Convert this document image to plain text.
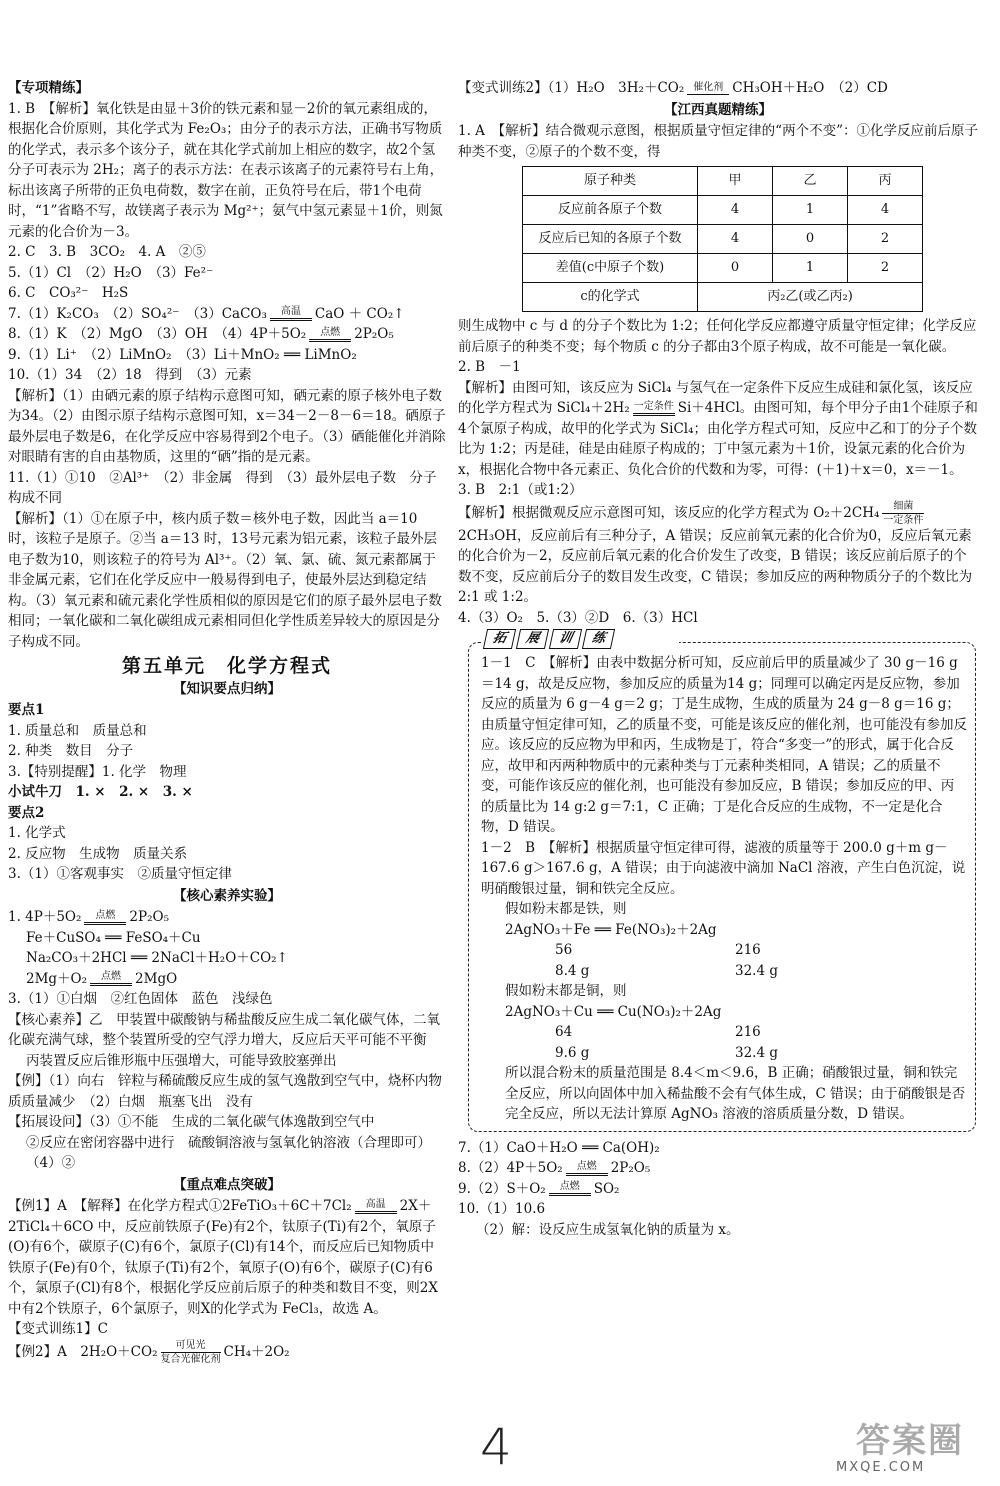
【专项精练】

1. B　【解析】氧化铁是由显＋3价的铁元素和显－2价的氧元素组成的，根据化合价原则，其化学式为 Fe₂O₃；由分子的表示方法，正确书写物质的化学式，表示多个该分子，就在其化学式前加上相应的数字，故2个氢分子可表示为 2H₂；离子的表示方法：在表示该离子的元素符号右上角，标出该离子所带的正负电荷数，数字在前，正负符号在后，带1个电荷时，“1”省略不写，故镁离子表示为 Mg²⁺；氨气中氢元素显＋1价，则氮元素的化合价为－3。

2. C　3. B　3CO₂　4. A　②⑤

5.（1）Cl　（2）H₂O　（3）Fe²⁻

6. C　CO₃²⁻　H₂S

7.（1）K₂CO₃　（2）SO₄²⁻　（3）CaCO₃ 高温 CaO ＋ CO₂↑

8.（1）K　（2）MgO　（3）OH　（4）4P＋5O₂ 点燃 2P₂O₅

9.（1）Li⁺　（2）LiMnO₂　（3）Li＋MnO₂ ══ LiMnO₂

10.（1）34　（2）18　得到　（3）元素

【解析】（1）由硒元素的原子结构示意图可知，硒元素的原子核外电子数为34。（2）由图示原子结构示意图可知，x＝34－2－8－6＝18。硒原子最外层电子数是6，在化学反应中容易得到2个电子。（3）硒能催化并消除对眼睛有害的自由基物质，这里的“硒”指的是元素。

11.（1）①10　②Al³⁺　（2）非金属　得到　（3）最外层电子数　分子构成不同

【解析】（1）①在原子中，核内质子数＝核外电子数，因此当 a＝10 时，该粒子是原子。②当 a＝13 时，13号元素为铝元素，该粒子最外层电子数为10，则该粒子的符号为 Al³⁺。（2）氧、氯、硫、氮元素都属于非金属元素，它们在化学反应中一般易得到电子，使最外层达到稳定结构。（3）氧元素和硫元素化学性质相似的原因是它们的原子最外层电子数相同；一氧化碳和二氧化碳组成元素相同但化学性质差异较大的原因是分子构成不同。

第五单元　化学方程式
【知识要点归纳】

要点1

1. 质量总和　质量总和

2. 种类　数目　分子

3.【特别提醒】1. 化学　物理

小试牛刀　1. ×　2. ×　3. ×

要点2

1. 化学式

2. 反应物　生成物　质量关系

3.（1）①客观事实　②质量守恒定律

【核心素养实验】

1. 4P＋5O₂ 点燃 2P₂O₅

Fe＋CuSO₄ ══ FeSO₄＋Cu

Na₂CO₃＋2HCl ══ 2NaCl＋H₂O＋CO₂↑

2Mg＋O₂ 点燃 2MgO

3.（1）①白烟　②红色固体　蓝色　浅绿色

【核心素养】乙　甲装置中碳酸钠与稀盐酸反应生成二氧化碳气体，二氧化碳充满气球，整个装置所受的空气浮力增大，反应后天平可能不平衡

丙装置反应后锥形瓶中压强增大，可能导致胶塞弹出

【例】（1）向右　锌粒与稀硫酸反应生成的氢气逸散到空气中，烧杯内物质质量减少　（2）白烟　瓶塞飞出　没有

【拓展设问】（3）①不能　生成的二氧化碳气体逸散到空气中

②反应在密闭容器中进行　硫酸铜溶液与氢氧化钠溶液（合理即可）　（4）②

【重点难点突破】

【例1】A　【解释】在化学方程式①2FeTiO₃＋6C＋7Cl₂ 高温 2X＋2TiCl₄＋6CO 中，反应前铁原子(Fe)有2个，钛原子(Ti)有2个，氧原子(O)有6个，碳原子(C)有6个，氯原子(Cl)有14个，而反应后已知物质中铁原子(Fe)有0个，钛原子(Ti)有2个，氧原子(O)有6个，碳原子(C)有6个，氯原子(Cl)有8个，根据化学反应前后原子的种类和数目不变，则2X中有2个铁原子，6个氯原子，则X的化学式为 FeCl₃，故选 A。

【变式训练1】C

【例2】A　2H₂O＋CO₂ 可见光
复合光催化剂 CH₄＋2O₂

【变式训练2】（1）H₂O　3H₂＋CO₂ 催化剂 CH₃OH＋H₂O　（2）CD

【江西真题精练】

1. A　【解析】结合微观示意图，根据质量守恒定律的“两个不变”：①化学反应前后原子种类不变，②原子的个数不变，得

原子种类	甲	乙	丙
反应前各原子个数	4	1	4
反应后已知的各原子个数	4	0	2
差值(c中原子个数)	0	1	2
c的化学式	丙₂乙(或乙丙₂)		

则生成物中 c 与 d 的分子个数比为 1:2；任何化学反应都遵守质量守恒定律；化学反应前后原子的种类不变；每个物质 c 的分子都由3个原子构成，故不可能是一氧化碳。

2. B　－1

【解析】由图可知，该反应为 SiCl₄ 与氢气在一定条件下反应生成硅和氯化氢，该反应的化学方程式为 SiCl₄＋2H₂ 一定条件 Si＋4HCl。由图可知，每个甲分子由1个硅原子和4个氯原子构成，故甲的化学式为 SiCl₄；由化学方程式可知，反应中乙和丁的分子个数比为 1:2；丙是硅，硅是由硅原子构成的；丁中氢元素为＋1价，设氯元素的化合价为 x，根据化合物中各元素正、负化合价的代数和为零，可得：(＋1)＋x＝0，x＝－1。

3. B　2:1（或1:2）

【解析】根据微观反应示意图可知，该反应的化学方程式为 O₂＋2CH₄ 细菌
一定条件2CH₃OH，反应前后有三种分子，A 错误；反应前氧元素的化合价为0，反应后氧元素的化合价为－2，反应前后氧元素的化合价发生了改变，B 错误；该反应前后原子的个数不变，反应前后分子的数目发生改变，C 错误；参加反应的两种物质分子的个数比为 2:1 或 1:2。

4.（3）O₂　5.（3）②D　6.（3）HCl

拓	展	训	练

1－1　C　【解析】由表中数据分析可知，反应前后甲的质量减少了 30 g－16 g＝14 g，故是反应物，参加反应的质量为14 g；同理可以确定丙是反应物，参加反应的质量为 6 g－4 g＝2 g；丁是生成物，生成的质量为 24 g－8 g＝16 g；由质量守恒定律可知，乙的质量不变，可能是该反应的催化剂，也可能没有参加反应。该反应的反应物为甲和丙，生成物是丁，符合“多变一”的形式，属于化合反应，故甲和丙两种物质中的元素种类与丁元素种类相同，A 错误；乙的质量不变，可能作该反应的催化剂，也可能没有参加反应，B 错误；参加反应的甲、丙的质量比为 14 g:2 g＝7:1，C 正确；丁是化合反应的生成物，不一定是化合物，D 错误。

1－2　B　【解析】根据质量守恒定律可得，滤液的质量等于 200.0 g＋m g－167.6 g＞167.6 g，A 错误；由于向滤液中滴加 NaCl 溶液，产生白色沉淀，说明硝酸银过量，铜和铁完全反应。

假如粉末都是铁，则

2AgNO₃＋Fe ══ Fe(NO₃)₂＋2Ag
56	216
8.4 g	32.4 g

假如粉末都是铜，则

2AgNO₃＋Cu ══ Cu(NO₃)₂＋2Ag
64	216
9.6 g	32.4 g

所以混合粉末的质量范围是 8.4＜m＜9.6，B 正确；硝酸银过量，铜和铁完全反应，所以向固体中加入稀盐酸不会有气体生成，C 错误；由于硝酸银是否完全反应，所以无法计算原 AgNO₃ 溶液的溶质质量分数，D 错误。

7.（1）CaO＋H₂O ══ Ca(OH)₂

8.（2）4P＋5O₂ 点燃 2P₂O₅

9.（2）S＋O₂ 点燃 SO₂

10.（1）10.6

（2）解：设反应生成氢氧化钠的质量为 x。

4	答案圈
MXQE.COM
